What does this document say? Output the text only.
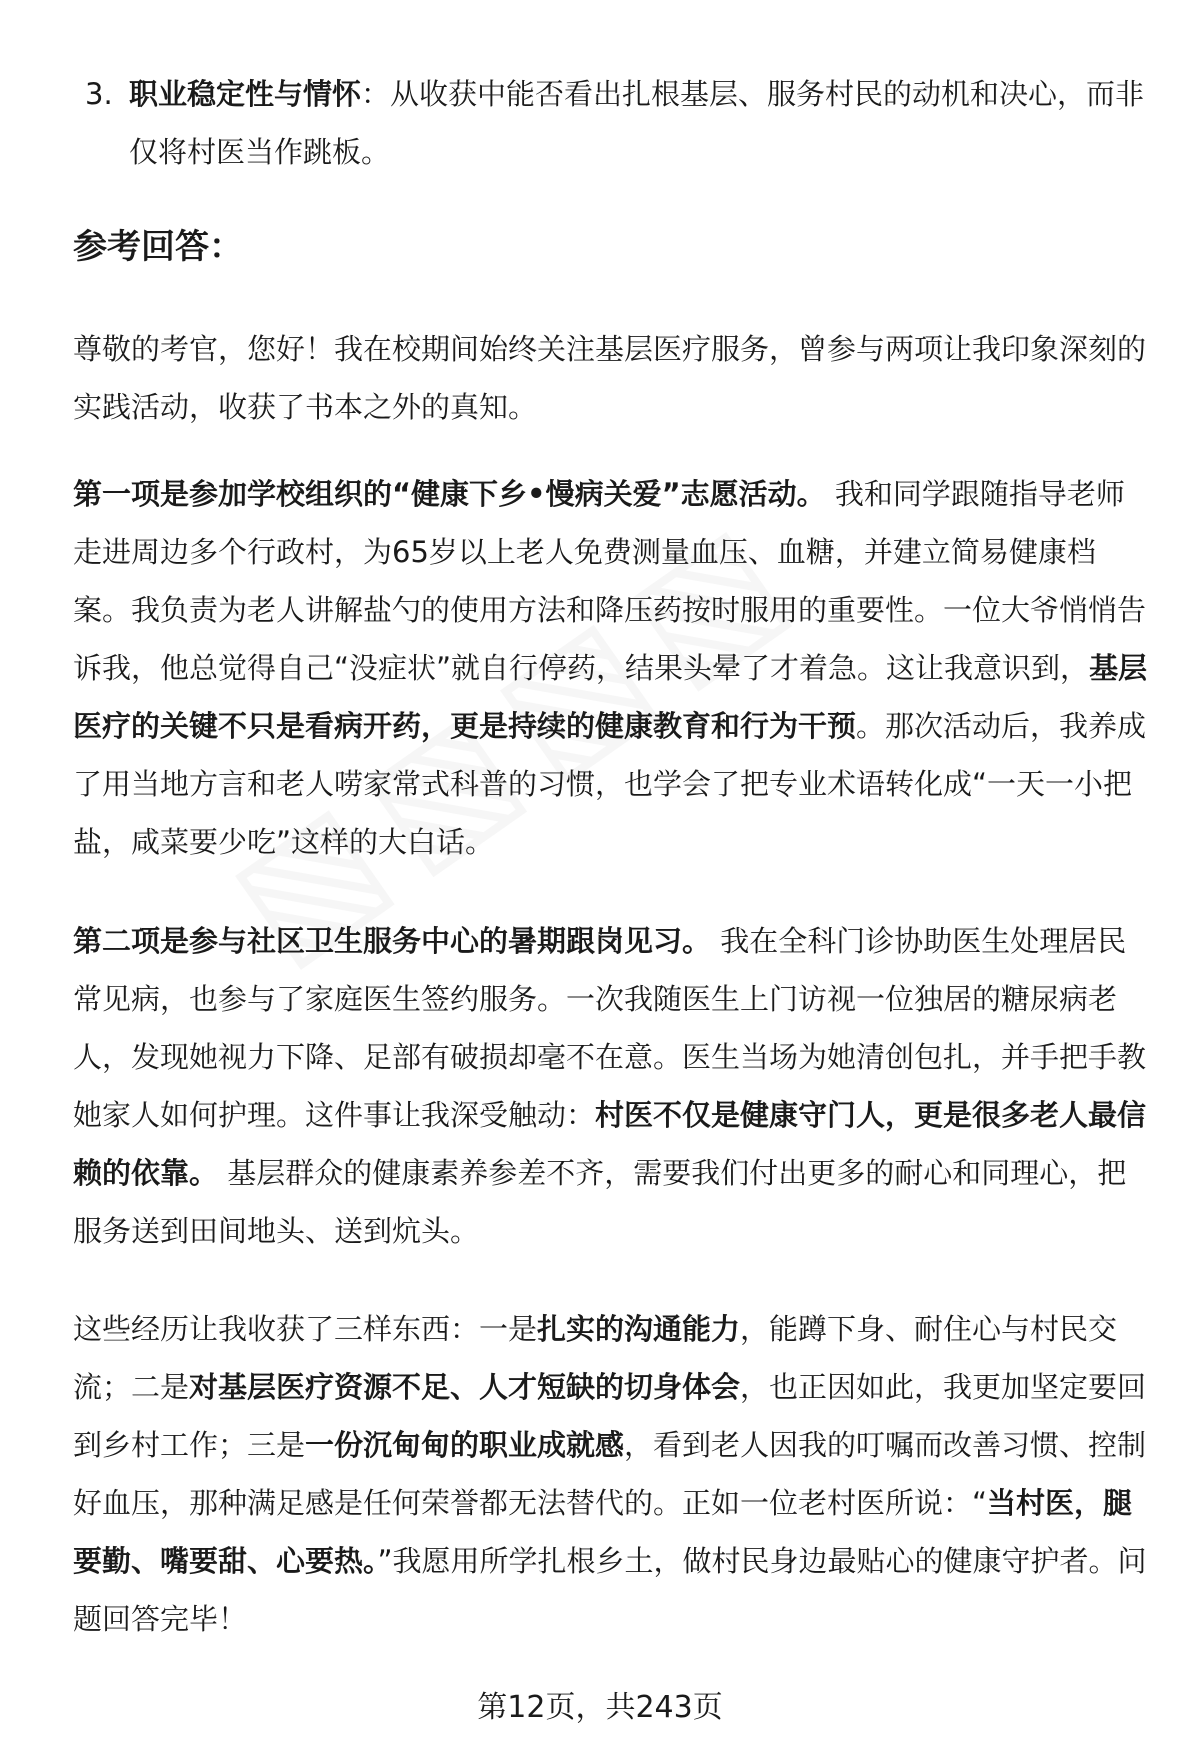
3. 职业稳定性与情怀：从收获中能否看出扎根基层、服务村民的动机和决心，而非仅将村医当作跳板。
参考回答：

尊敬的考官，您好！我在校期间始终关注基层医疗服务，曾参与两项让我印象深刻的实践活动，收获了书本之外的真知。

第一项是参加学校组织的“健康下乡•慢病关爱”志愿活动。 我和同学跟随指导老师走进周边多个行政村，为65岁以上老人免费测量血压、血糖，并建立简易健康档案。我负责为老人讲解盐勺的使用方法和降压药按时服用的重要性。一位大爷悄悄告诉我，他总觉得自己“没症状”就自行停药，结果头晕了才着急。这让我意识到，基层医疗的关键不只是看病开药，更是持续的健康教育和行为干预。那次活动后，我养成了用当地方言和老人唠家常式科普的习惯，也学会了把专业术语转化成“一天一小把盐，咸菜要少吃”这样的大白话。

第二项是参与社区卫生服务中心的暑期跟岗见习。 我在全科门诊协助医生处理居民常见病，也参与了家庭医生签约服务。一次我随医生上门访视一位独居的糖尿病老人，发现她视力下降、足部有破损却毫不在意。医生当场为她清创包扎，并手把手教她家人如何护理。这件事让我深受触动：村医不仅是健康守门人，更是很多老人最信赖的依靠。 基层群众的健康素养参差不齐，需要我们付出更多的耐心和同理心，把服务送到田间地头、送到炕头。

这些经历让我收获了三样东西：一是扎实的沟通能力，能蹲下身、耐住心与村民交流；二是对基层医疗资源不足、人才短缺的切身体会，也正因如此，我更加坚定要回到乡村工作；三是一份沉甸甸的职业成就感，看到老人因我的叮嘱而改善习惯、控制好血压，那种满足感是任何荣誉都无法替代的。正如一位老村医所说：“当村医，腿要勤、嘴要甜、心要热。”我愿用所学扎根乡土，做村民身边最贴心的健康守护者。问题回答完毕！

第12页，共243页
